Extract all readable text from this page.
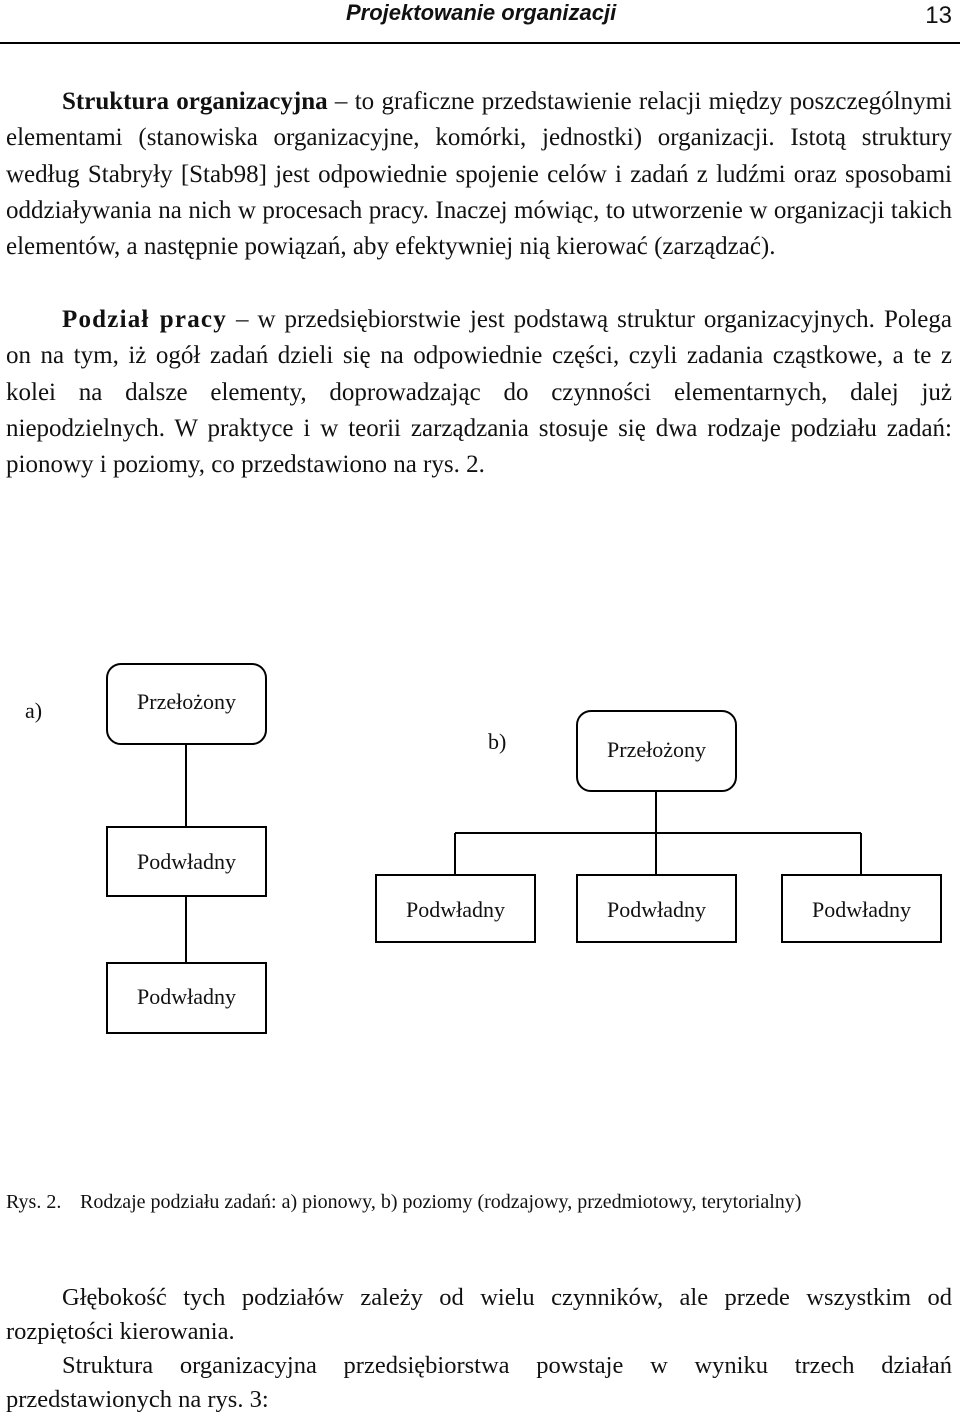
Projektowanie organizacji	13
Struktura organizacyjna – to graficzne przedstawienie relacji między poszczególnymi elementami (stanowiska organizacyjne, komórki, jednostki) organizacji. Istotą struktury według Stabryły [Stab98] jest odpowiednie spojenie celów i zadań z ludźmi oraz sposobami oddziaływania na nich w procesach pracy. Inaczej mówiąc, to utworzenie w organizacji takich elementów, a następnie powiązań, aby efektywniej nią kierować (zarządzać).
Podział pracy – w przedsiębiorstwie jest podstawą struktur organizacyjnych. Polega on na tym, iż ogół zadań dzieli się na odpowiednie części, czyli zadania cząstkowe, a te z kolei na dalsze elementy, doprowadzając do czynności elementarnych, dalej już niepodzielnych. W praktyce i w teorii zarządzania stosuje się dwa rodzaje podziału zadań: pionowy i poziomy, co przedstawiono na rys. 2.
a)	Przełożony
Podwładny
Podwładny
b)	Przełożony
Podwładny	Podwładny	Podwładny
Rys. 2. Rodzaje podziału zadań: a) pionowy, b) poziomy (rodzajowy, przedmiotowy, terytorialny)
Głębokość tych podziałów zależy od wielu czynników, ale przede wszystkim od rozpiętości kierowania.
Struktura organizacyjna przedsiębiorstwa powstaje w wyniku trzech działań przedstawionych na rys. 3:
